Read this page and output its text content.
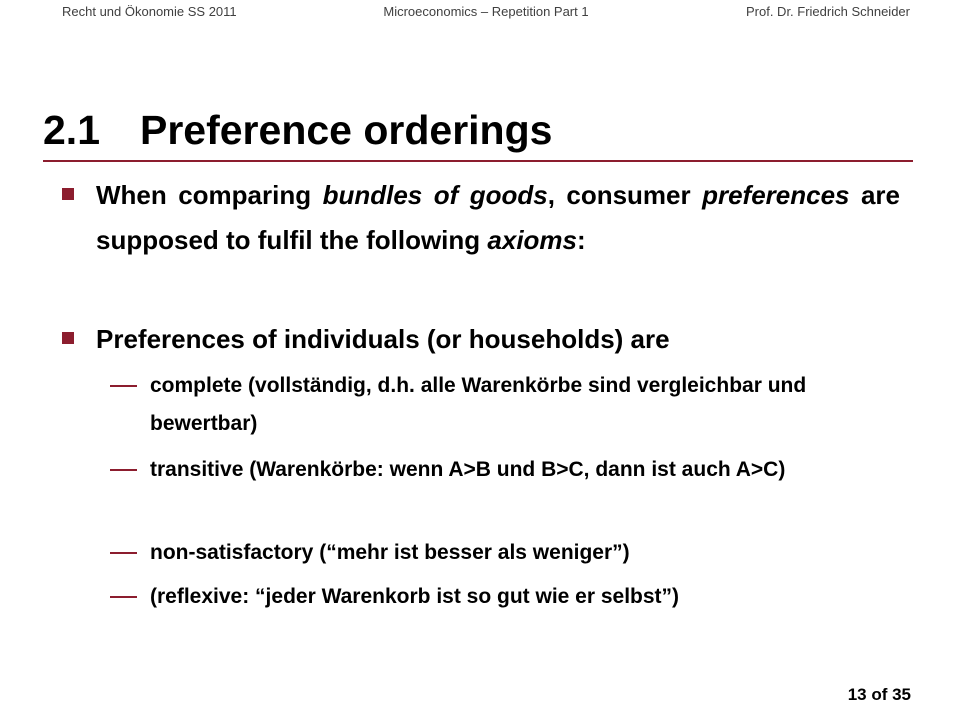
Recht und Ökonomie SS 2011	Microeconomics – Repetition Part 1	Prof. Dr. Friedrich Schneider
2.1 Preference orderings
When comparing bundles of goods, consumer preferences are supposed to fulfil the following axioms:
Preferences of individuals (or households) are
complete (vollständig, d.h. alle Warenkörbe sind vergleichbar und bewertbar)
transitive (Warenkörbe: wenn A>B und B>C, dann ist auch A>C)
non-satisfactory (“mehr ist besser als weniger”)
(reflexive: “jeder Warenkorb ist so gut wie er selbst”)
13 of 35
